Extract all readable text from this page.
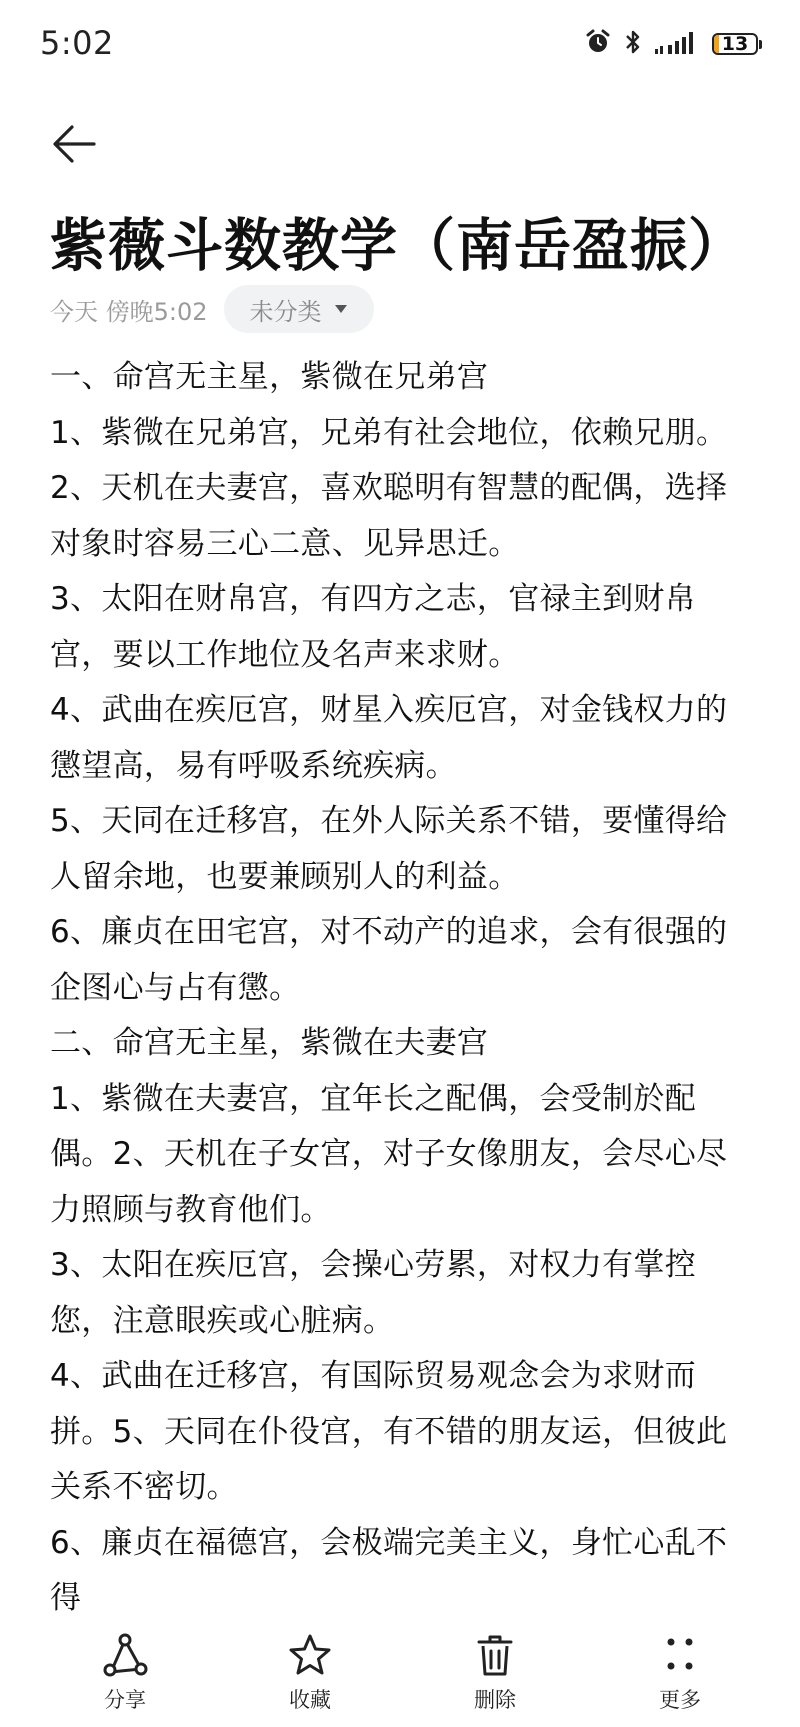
5:02	13
紫薇斗数教学（南岳盈振）
今天 傍晚5:02 未分类

一、命宫无主星，紫微在兄弟宫

1、紫微在兄弟宫，兄弟有社会地位，依赖兄朋。2、天机在夫妻宫，喜欢聪明有智慧的配偶，选择对象时容易三心二意、见异思迁。

3、太阳在财帛宫，有四方之志，官禄主到财帛宫，要以工作地位及名声来求财。

4、武曲在疾厄宫，财星入疾厄宫，对金钱权力的懲望高，易有呼吸系统疾病。

5、天同在迁移宫，在外人际关系不错，要懂得给人留余地，也要兼顾别人的利益。

6、廉贞在田宅宫，对不动产的追求，会有很强的企图心与占有懲。

二、命宫无主星，紫微在夫妻宫

1、紫微在夫妻宫，宜年长之配偶，会受制於配偶。2、天机在子女宫，对子女像朋友，会尽心尽力照顾与教育他们。

3、太阳在疾厄宫，会操心劳累，对权力有掌控您，注意眼疾或心脏病。

4、武曲在迁移宫，有国际贸易观念会为求财而拼。5、天同在仆役宫，有不错的朋友运，但彼此关系不密切。

6、廉贞在福德宫，会极端完美主义，身忙心乱不得

分享	收藏	删除	更多
